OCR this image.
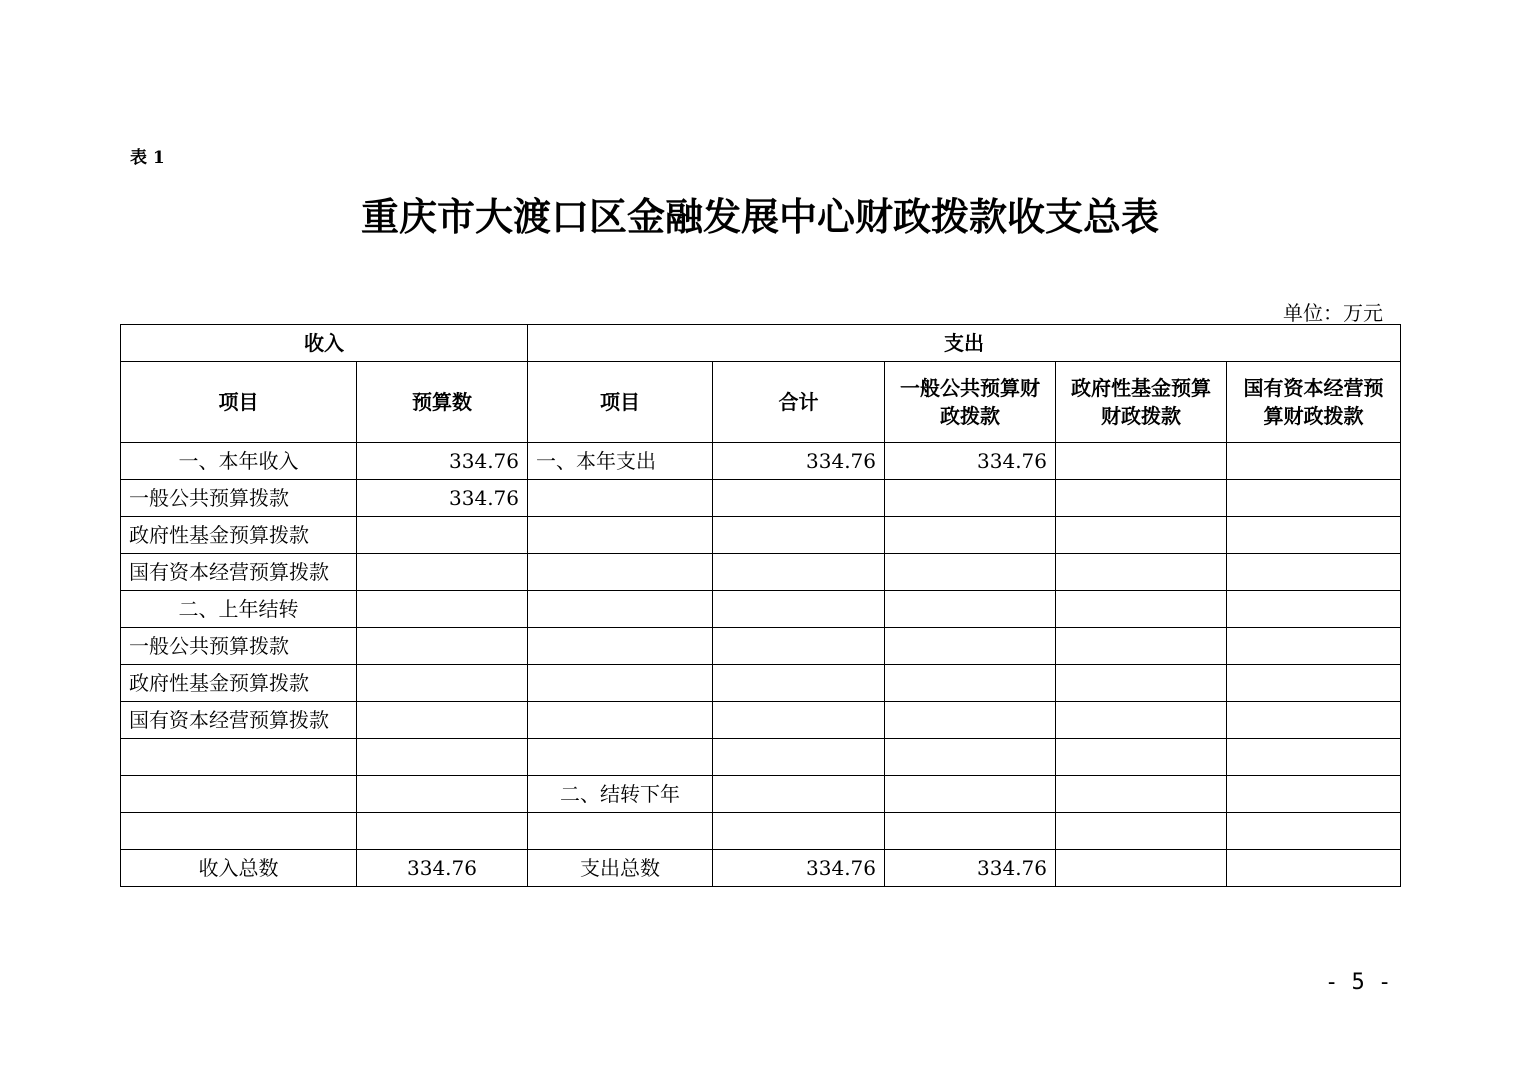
表 1
重庆市大渡口区金融发展中心财政拨款收支总表
单位：万元
收入		支出				
项目	预算数	项目	合计	一般公共预算财政拨款	政府性基金预算财政拨款	国有资本经营预算财政拨款
一、本年收入	334.76	一、本年支出	334.76	334.76		
一般公共预算拨款	334.76					
政府性基金预算拨款						
国有资本经营预算拨款						
二、上年结转						
一般公共预算拨款						
政府性基金预算拨款						
国有资本经营预算拨款						

		二、结转下年				

收入总数	334.76	支出总数	334.76	334.76		
- 5 -
